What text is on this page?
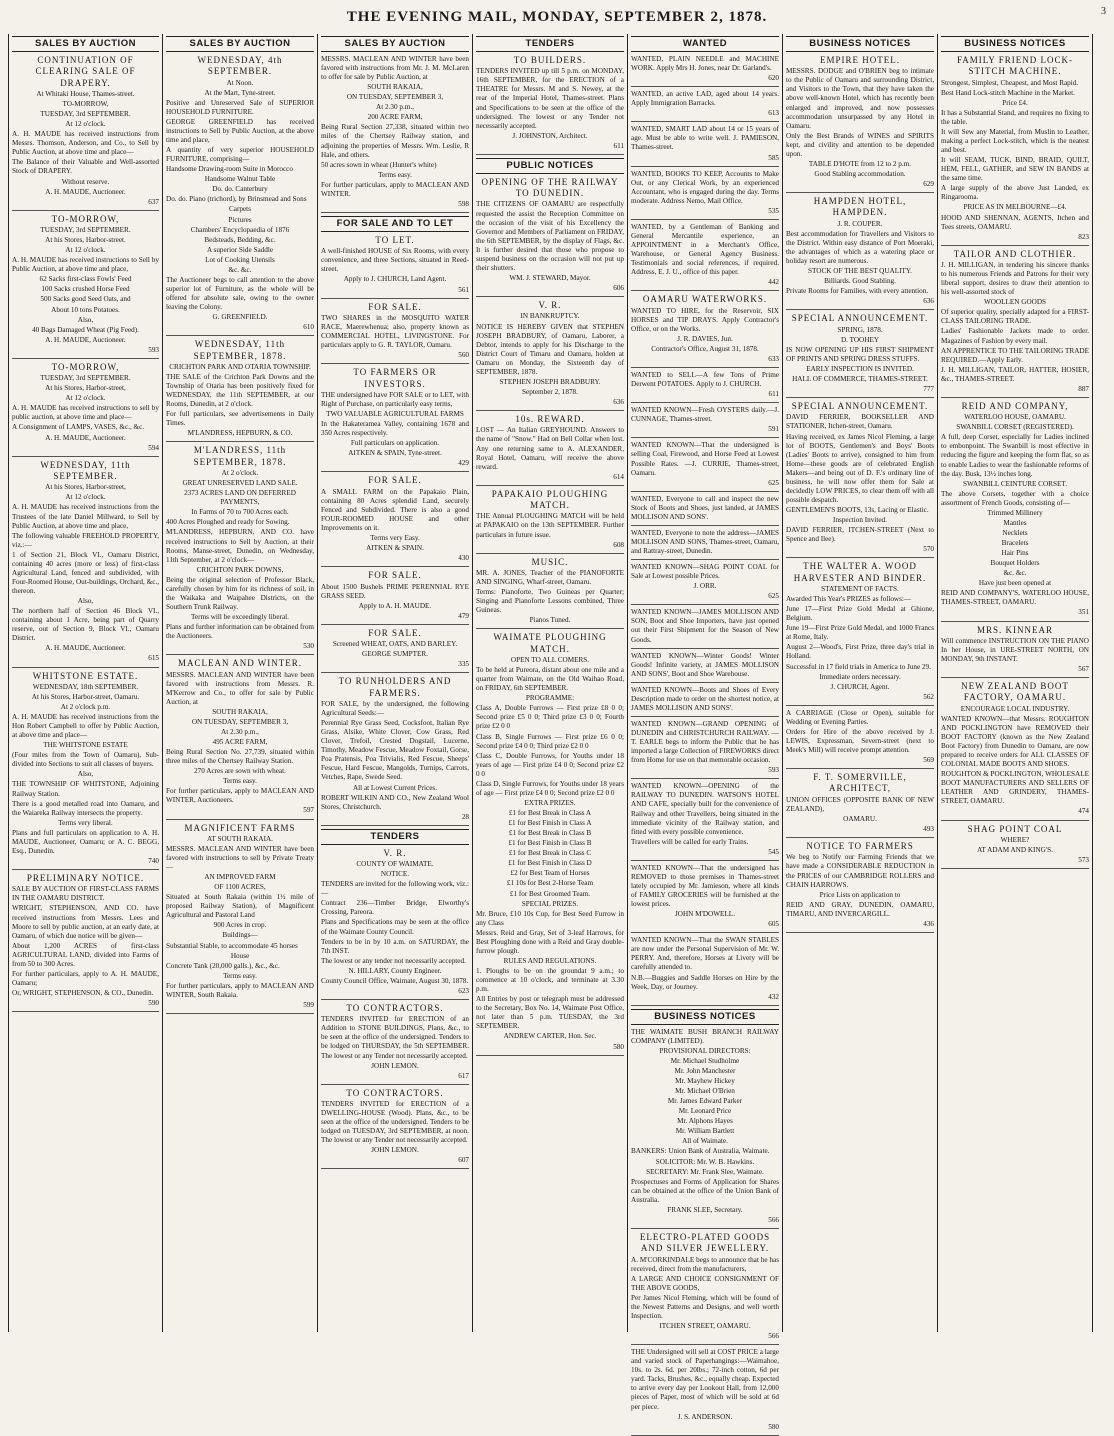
THE EVENING MAIL, MONDAY, SEPTEMBER 2, 1878.	3
SALES BY AUCTION

CONTINUATION OF CLEARING SALE OF DRAPERY.

At Whitaki House, Thames-street.

TO-MORROW,

TUESDAY, 3rd SEPTEMBER.

At 12 o'clock.

A. H. MAUDE has received instructions from Messrs. Thomson, Anderson, and Co., to Sell by Public Auction, at above time and place—

The Balance of their Valuable and Well-assorted Stock of DRAPERY.

Without reserve.

A. H. MAUDE, Auctioneer.

637

TO-MORROW,

TUESDAY, 3rd SEPTEMBER.

At his Stores, Harbor-street.

At 12 o'clock.

A. H. MAUDE has received instructions to Sell by Public Auction, at above time and place,

62 Sacks first-class Fowls' Feed

100 Sacks crushed Horse Feed

500 Sacks good Seed Oats, and

About 10 tons Potatoes.

Also,

40 Bags Damaged Wheat (Pig Feed).

A. H. MAUDE, Auctioneer.

593

TO-MORROW,

TUESDAY, 3rd SEPTEMBER.

At his Stores, Harbor-street,

At 12 o'clock.

A. H. MAUDE has received instructions to sell by public auction, at above time and place—

A Consignment of LAMPS, VASES, &c., &c.

A. H. MAUDE, Auctioneer.

594

WEDNESDAY, 11th SEPTEMBER.

At his Stores, Harbor-street,

At 12 o'clock.

A. H. MAUDE has received instructions from the Trustees of the late Daniel Millward, to Sell by Public Auction, at above time and place,

The following valuable FREEHOLD PROPERTY, viz.:—

1 of Section 21, Block VI., Oamaru District, containing 40 acres (more or less) of first-class Agricultural Land, fenced and subdivided, with Four-Roomed House, Out-buildings, Orchard, &c., thereon.

Also,

The northern half of Section 46 Block VI., containing about 1 Acre, being part of Quarry reserve, out of Section 9, Block VI., Oamaru District.

A. H. MAUDE, Auctioneer.

615

WHITSTONE ESTATE.

WEDNESDAY, 18th SEPTEMBER.

At his Stores, Harbor-street, Oamaru.

At 2 o'clock p.m.

A. H. MAUDE has received instructions from the Hon Robert Campbell to offer by Public Auction, at above time and place—

THE WHITSTONE ESTATE

(Four miles from the Town of Oamaru), Sub-divided into Sections to suit all classes of buyers.

Also,

THE TOWNSHIP OF WHITSTONE, Adjoining Railway Station.

There is a good metalled road into Oamaru, and the Waiareka Railway intersects the property.

Terms very liberal.

Plans and full particulars on application to A. H. MAUDE, Auctioneer, Oamaru; or A. C. BEGG, Esq., Dunedin.

740

PRELIMINARY NOTICE.

SALE BY AUCTION OF FIRST-CLASS FARMS IN THE OAMARU DISTRICT.

WRIGHT, STEPHENSON, AND CO. have received instructions from Messrs. Lees and Moore to sell by public auction, at an early date, at Oamaru, of which due notice will be given—

About 1,200 ACRES of first-class AGRICULTURAL LAND, divided into Farms of from 50 to 300 Acres.

For further particulars, apply to A. H. MAUDE, Oamaru;

Or, WRIGHT, STEPHENSON, & CO., Dunedin.

590

SALES BY AUCTION

WEDNESDAY, 4th SEPTEMBER.

At Noon.

At the Mart, Tyne-street.

Positive and Unreserved Sale of SUPERIOR HOUSEHOLD FURNITURE.

GEORGE GREENFIELD has received instructions to Sell by Public Auction, at the above time and place,

A quantity of very superior HOUSEHOLD FURNITURE, comprising—

Handsome Drawing-room Suite in Morocco

Handsome Walnut Table

Do. do. Canterbury

Do. do. Piano (trichord), by Brinsmead and Sons

Carpets

Pictures

Chambers' Encyclopaedia of 1876

Bedsteads, Bedding, &c.

A superior Side Saddle

Lot of Cooking Utensils

&c. &c.

The Auctioneer begs to call attention to the above superior lot of Furniture, as the whole will be offered for absolute sale, owing to the owner leaving the Colony.

G. GREENFIELD.

610

WEDNESDAY, 11th SEPTEMBER, 1878.

CRICHTON PARK AND OTARIA TOWNSHIP.

THE SALE of the Crichton Park Downs and the Township of Otaria has been positively fixed for WEDNESDAY, the 11th SEPTEMBER, at our Rooms, Dunedin, at 2 o'clock.

For full particulars, see advertisements in Daily Times.

M'LANDRESS, HEPBURN, & CO.

M'LANDRESS, 11th SEPTEMBER, 1878.

At 2 o'clock.

GREAT UNRESERVED LAND SALE.

2373 ACRES LAND ON DEFERRED PAYMENTS,

In Farms of 70 to 700 Acres each.

400 Acres Ploughed and ready for Sowing.

M'LANDRESS, HEPBURN, AND CO. have received instructions to Sell by Auction, at their Rooms, Manse-street, Dunedin, on Wednesday, 11th September, at 2 o'clock—

CRICHTON PARK DOWNS,

Being the original selection of Professor Black, carefully chosen by him for its richness of soil, in the Waikaka and Waipahee Districts, on the Southern Trunk Railway.

Terms will be exceedingly liberal.

Plans and further information can be obtained from the Auctioneers.

530

MACLEAN AND WINTER.

MESSRS. MACLEAN AND WINTER have been favored with instructions from Messrs. R. M'Kerrow and Co., to offer for sale by Public Auction, at

SOUTH RAKAIA,

ON TUESDAY, SEPTEMBER 3,

At 2.30 p.m.,

495 ACRE FARM,

Being Rural Section No. 27,739, situated within three miles of the Chertsey Railway Station.

270 Acres are sown with wheat.

Terms easy.

For further particulars, apply to MACLEAN AND WINTER, Auctioneers.

597

MAGNIFICENT FARMS

AT SOUTH RAKAIA.

MESSRS. MACLEAN AND WINTER have been favored with instructions to sell by Private Treaty—

AN IMPROVED FARM

OF 1100 ACRES,

Situated at South Rakaia (within 1½ mile of proposed Railway Station), of Magnificent Agricultural and Pastoral Land

900 Acres in crop.

Buildings—

Substantial Stable, to accommodate 45 horses

House

Concrete Tank (20,000 galls.), &c., &c.

Terms easy.

For further particulars, apply to MACLEAN AND WINTER, South Rakaia.

599

SALES BY AUCTION

MESSRS. MACLEAN AND WINTER have been favored with instructions from Mr. J. M. McLaren to offer for sale by Public Auction, at

SOUTH RAKAIA,

ON TUESDAY, SEPTEMBER 3,

At 2.30 p.m.,

200 ACRE FARM,

Being Rural Section 27,338, situated within two miles of the Chertsey Railway station, and adjoining the properties of Messrs. Wm. Leslie, R Hale, and others.

50 acres sown in wheat (Hunter's white)

Terms easy.

For further particulars, apply to MACLEAN AND WINTER.

598

FOR SALE AND TO LET

TO LET.

A well-finished HOUSE of Six Rooms, with every convenience, and three Sections, situated in Reed-street.

Apply to J. CHURCH, Land Agent.

561

FOR SALE.

TWO SHARES in the MOSQUITO WATER RACE, Maerewhenua; also, property known as COMMERCIAL HOTEL, LIVINGSTONE. For particulars apply to G. R. TAYLOR, Oamaru.

560

TO FARMERS OR INVESTORS.

THE undersigned have FOR SALE or to LET, with Right of Purchase, on particularly easy terms,

TWO VALUABLE AGRICULTURAL FARMS

In the Hakateramea Valley, containing 1678 and 350 Acres respectively.

Full particulars on application.

AITKEN & SPAIN, Tyne-street.

429

FOR SALE.

A SMALL FARM on the Papakaio Plain, containing 80 Acres splendid Land, securely Fenced and Subdivided. There is also a good FOUR-ROOMED HOUSE and other Improvements on it.

Terms very Easy.

AITKEN & SPAIN.

430

FOR SALE.

About 1500 Bushels PRIME PERENNIAL RYE GRASS SEED.

Apply to A. H. MAUDE.

479

FOR SALE.

Screened WHEAT, OATS, AND BARLEY.

GEORGE SUMPTER.

335

TO RUNHOLDERS AND FARMERS.

FOR SALE, by the undersigned, the following Agricultural Seeds:—

Perennial Rye Grass Seed, Cocksfoot, Italian Rye Grass, Alsike, White Clover, Cow Grass, Red Clover, Trefoil, Crested Dogstail, Lucerne, Timothy, Meadow Fescue, Meadow Foxtail, Gorse, Poa Pratensis, Poa Trivialis, Red Fescue, Sheeps' Fescue, Hard Fescue, Mangolds, Turnips, Carrots, Vetches, Rape, Swede Seed.

All at Lowest Current Prices.

ROBERT WILKIN AND CO., New Zealand Wool Stores, Christchurch.

28

TENDERS

V. R.

COUNTY OF WAIMATE.

NOTICE.

TENDERS are invited for the following work, viz.:—

Contract 236—Timber Bridge, Elworthy's Crossing, Pareora.

Plans and Specifications may be seen at the office of the Waimate County Council.

Tenders to be in by 10 a.m. on SATURDAY, the 7th INST.

The lowest or any tender not necessarily accepted.

N. HILLARY, County Engineer.

County Council Office, Waimate, August 30, 1878.

623

TO CONTRACTORS.

TENDERS INVITED for ERECTION of an Addition to STONE BUILDINGS, Plans, &c., to be seen at the office of the undersigned. Tenders to be lodged on THURSDAY, the 5th SEPTEMBER. The lowest or any Tender not necessarily accepted.

JOHN LEMON.

617

TO CONTRACTORS.

TENDERS INVITED for ERECTION of a DWELLING-HOUSE (Wood). Plans, &c., to be seen at the office of the undersigned. Tenders to be lodged on TUESDAY, 3rd SEPTEMBER, at noon. The lowest or any Tender not necessarily accepted.

JOHN LEMON.

607

TENDERS

TO BUILDERS.

TENDERS INVITED up till 5 p.m. on MONDAY, 16th SEPTEMBER, for the ERECTION of a THEATRE for Messrs. M and S. Newey, at the rear of the Imperial Hotel, Thames-street. Plans and Specifications to be seen at the office of the undersigned. The lowest or any Tender not necessarily accepted.

J. JOHNSTON, Architect.

611

PUBLIC NOTICES

OPENING OF THE RAILWAY TO DUNEDIN.

THE CITIZENS OF OAMARU are respectfully requested the assist the Reception Committee on the occasion of the visit of his Excellency the Governor and Members of Parliament on FRIDAY, the 6th SEPTEMBER, by the display of Flags, &c. It is further desired that those who propose to suspend business on the occasion will not put up their shutters.

WM. J. STEWARD, Mayor.

606

V. R.

IN BANKRUPTCY.

NOTICE IS HEREBY GIVEN that STEPHEN JOSEPH BRADBURY, of Oamaru, Laborer, a Debtor, intends to apply for his Discharge to the District Court of Timaru and Oamaru, holden at Oamaru on Monday, the Sixteenth day of SEPTEMBER, 1878.

STEPHEN JOSEPH BRADBURY.

September 2, 1878.

636

10s. REWARD.

LOST — An Italian GREYHOUND. Answers to the name of "Snow." Had on Bell Collar when lost. Any one returning same to A. ALEXANDER, Royal Hotel, Oamaru, will receive the above reward.

614

PAPAKAIO PLOUGHING MATCH.

THE Annual PLOUGHING MATCH will be held at PAPAKAIO on the 13th SEPTEMBER. Further particulars in future issue.

608

MUSIC.

MR. A. JONES, Teacher of the PIANOFORTE AND SINGING, Wharf-street, Oamaru.

Terms: Pianoforte, Two Guineas per Quarter; Singing and Pianoforte Lessons combined, Three Guineas.

Pianos Tuned.

WAIMATE PLOUGHING MATCH.

OPEN TO ALL COMERS.

To be held at Pureora, distant about one mile and a quarter from Waimate, on the Old Waihao Road, on FRIDAY, 6th SEPTEMBER.

PROGRAMME:

Class A, Double Furrows — First prize £8 0 0; Second prize £5 0 0; Third prize £3 0 0; Fourth prize £2 0 0

Class B, Single Furrows — First prize £6 0 0; Second prize £4 0 0; Third prize £2 0 0

Class C, Double Furrows, for Youths under 18 years of age — First prize £4 0 0; Second prize £2 0 0

Class D, Single Furrows, for Youths under 18 years of age — First prize £4 0 0; Second prize £2 0 0

EXTRA PRIZES.

£1 for Best Break in Class A

£1 for Best Finish in Class A

£1 for Best Break in Class B

£1 for Best Finish in Class B

£1 for Best Break in Class C

£1 for Best Finish in Class D

£2 for Best Team of Horses

£1 10s for Best 2-Horse Team

£1 for Best Groomed Team.

SPECIAL PRIZES.

Mr. Bruce, £10 10s Cup, for Best Seed Furrow in any Class

Messrs. Reid and Gray, Set of 3-leaf Harrows, for Best Ploughing done with a Reid and Gray double-furrow plough.

RULES AND REGULATIONS.

1. Ploughs to be on the groundat 9 a.m.; to commence at 10 o'clock, and terminate at 3.30 p.m.

All Entries by post or telegraph must be addressed to the Secretary, Box No. 14, Waimate Post Office, not later than 5 p.m. TUESDAY, the 3rd SEPTEMBER.

ANDREW CARTER, Hon. Sec.

580

WANTED

WANTED, PLAIN NEEDLE and MACHINE WORK. Apply Mrs H. Jones, near Dr. Garland's.

620

WANTED, an active LAD, aged about 14 years. Apply Immigration Barracks.

613

WANTED, SMART LAD about 14 or 15 years of age. Must be able to write well. J. PAMIESON, Thames-street.

585

WANTED, BOOKS TO KEEP, Accounts to Make Out, or any Clerical Work, by an experienced Accountant, who is engaged during the day. Terms moderate. Address Nemo, Mail Office.

535

WANTED, by a Gentleman of Banking and General Mercantile experience, an APPOINTMENT in a Merchant's Office, Warehouse, or General Agency Business. Testimonials and social references, if required. Address, E. J. U., office of this paper.

442

OAMARU WATERWORKS.

WANTED TO HIRE, for the Reservoir, SIX HORSES and TIP DRAYS. Apply Contractor's Office, or on the Works.

J. R. DAVIES, Jun.

Contractor's Office, August 31, 1878.

633

WANTED to SELL—A few Tons of Prime Derwent POTATOES. Apply to J. CHURCH.

611

WANTED KNOWN—Fresh OYSTERS daily.—J. CUNNAGE, Thames-street.

591

WANTED KNOWN—That the undersigned is selling Coal, Firewood, and Horse Feed at Lowest Possible Rates. —J. CURRIE, Thames-street, Oamaru.

625

WANTED, Everyone to call and inspect the new Stock of Boots and Shoes, just landed, at JAMES MOLLISON AND SONS'.

WANTED, Everyone to note the address—JAMES MOLLISON AND SONS, Thames-street, Oamaru, and Rattray-street, Dunedin.

WANTED KNOWN—SHAG POINT COAL for Sale at Lowest possible Prices.

J. ORR.

625

WANTED KNOWN—JAMES MOLLISON AND SON, Boot and Shoe Importers, have just opened out their First Shipment for the Season of New Goods.

WANTED KNOWN—Winter Goods! Winter Goods! Infinite variety, at JAMES MOLLISON AND SONS', Boot and Shoe Warehouse.

WANTED KNOWN—Boots and Shoes of Every Description made to order on the shortest notice, at JAMES MOLLISON AND SONS'.

WANTED KNOWN—GRAND OPENING of DUNEDIN and CHRISTCHURCH RAILWAY. — T. EARLE begs to inform the Public that he has imported a large Collection of FIREWORKS direct from Home for use on that memorable occasion.

593

WANTED KNOWN—OPENING of the RAILWAY TO DUNEDIN. WATSON'S HOTEL AND CAFE, specially built for the convenience of Railway and other Travellers, being situated in the immediate vicinity of the Railway station, and fitted with every possible convenience.

Travellers will be called for early Trains.

545

WANTED KNOWN—That the undersigned has REMOVED to those premises in Thames-street lately occupied by Mr. Jamieson, where all kinds of FAMILY GROCERIES will be furnished at the lowest prices.

JOHN M'DOWELL.

605

WANTED KNOWN—That the SWAN STABLES are now under the Personal Supervision of Mr. W. PERRY. And, therefore, Horses at Livery will be carefully attended to.

N.B.—Buggies and Saddle Horses on Hire by the Week, Day, or Journey.

432

BUSINESS NOTICES

THE WAIMATE BUSH BRANCH RAILWAY COMPANY (LIMITED).

PROVISIONAL DIRECTORS:

Mr. Michael Studholme

Mr. John Manchester

Mr. Mayhew Hickey

Mr. Michael O'Brien

Mr. James Edward Parker

Mr. Leonard Price

Mr. Alphons Hayes

Mr. William Bartlett

All of Waimate.

BANKERS: Union Bank of Australia, Waimate.

SOLICITOR: Mr. W. B. Hawkins.

SECRETARY: Mr. Frank Slee, Waimate.

Prospectuses and Forms of Application for Shares can be obtained at the office of the Union Bank of Australia.

FRANK SLEE, Secretary.

566

ELECTRO-PLATED GOODS AND SILVER JEWELLERY.

A. M'CORKINDALE begs to announce that he has received, direct from the manufacturers,

A LARGE AND CHOICE CONSIGNMENT OF THE ABOVE GOODS,

Per James Nicol Fleming, which will be found of the Newest Patterns and Designs, and well worth Inspection.

ITCHEN STREET, OAMARU.

566

THE Undersigned will sell at COST PRICE a large and varied stock of Paperhangings:—Waimahoe, 10s. to 2s. 6d. per 20lbs.; 72-inch cotton, 6d per yard. Tacks, Brushes, &c., equally cheap. Expected to arrive every day per Lookout Hall, from 12,000 pieces of Paper, most of which will be sold at 6d per piece.

J. S. ANDERSON.

580

BUSINESS NOTICES

EMPIRE HOTEL.

MESSRS. DODGE and O'BRIEN beg to intimate to the Public of Oamaru and surrounding District, and Visitors to the Town, that they have taken the above well-known Hotel, which has recently been enlarged and improved, and now possesses accommodation unsurpassed by any Hotel in Oamaru.

Only the Best Brands of WINES and SPIRITS kept, and civility and attention to be depended upon.

TABLE D'HOTE from 12 to 2 p.m.

Good Stabling accommodation.

629

HAMPDEN HOTEL, HAMPDEN.

J. R. COUPER.

Best accommodation for Travellers and Visitors to the District. Within easy distance of Port Moeraki, the advantages of which as a watering place or holiday resort are numerous.

STOCK OF THE BEST QUALITY.

Billiards. Good Stabling.

Private Rooms for Families, with every attention.

636

SPECIAL ANNOUNCEMENT.

SPRING, 1878.

D. TOOHEY

IS NOW OPENING UP HIS FIRST SHIPMENT OF PRINTS AND SPRING DRESS STUFFS.

EARLY INSPECTION IS INVITED.

HALL OF COMMERCE, THAMES-STREET.

777

SPECIAL ANNOUNCEMENT.

DAVID FERRIER, BOOKSELLER AND STATIONER, Itchen-street, Oamaru.

Having received, ex James Nicol Fleming, a large lot of BOOTS, Gentlemen's and Boys' Boots (Ladies' Boots to arrive), consigned to him from Home—these goods are of celebrated English Makers—and being out of D. F.'s ordinary line of business, he will now offer them for Sale at decidedly LOW PRICES, to clear them off with all possible despatch.

GENTLEMEN'S BOOTS, 13s, Lacing or Elastic.

Inspection Invited.

DAVID FERRIER, ITCHEN-STREET (Next to Spence and Ilee).

570

THE WALTER A. WOOD HARVESTER AND BINDER.

STATEMENT OF FACTS.

Awarded This Year's PRIZES as follows:—

June 17—First Prize Gold Medal at Ghione, Belgium.

June 19—First Prize Gold Medal, and 1000 Francs at Rome, Italy.

August 2—Wood's, First Prize, three day's trial in Holland.

Successful in 17 field trials in America to June 29.

Immediate orders necessary.

J. CHURCH, Agent.

562

A CARRIAGE (Close or Open), suitable for Wedding or Evening Parties.

Orders for Hire of the above received by J. LEWIS, Expressman, Severn-street (next to Meek's Mill) will receive prompt attention.

569

F. T. SOMERVILLE, ARCHITECT,

UNION OFFICES (OPPOSITE BANK OF NEW ZEALAND),

OAMARU.

493

NOTICE TO FARMERS

We beg to Notify our Farming Friends that we have made a CONSIDERABLE REDUCTION in the PRICES of our CAMBRIDGE ROLLERS and CHAIN HARROWS.

Price Lists on application to

REID AND GRAY, DUNEDIN, OAMARU, TIMARU, AND INVERCARGILL.

436

BUSINESS NOTICES

FAMILY FRIEND LOCK-STITCH MACHINE.

Strongest, Simplest, Cheapest, and Most Rapid.

Best Hand Lock-stitch Machine in the Market.

Price £4.

It has a Substantial Stand, and requires no fixing to the table.

It will Sew any Material, from Muslin to Leather, making a perfect Lock-stitch, which is the neatest and best.

It will SEAM, TUCK, BIND, BRAID, QUILT, HEM, FELL, GATHER, and SEW IN BANDS at the same time.

A large supply of the above Just Landed, ex Ringarooma.

PRICE AS IN MELBOURNE—£4.

HOOD AND SHENNAN, AGENTS, Itchen and Tees streets, OAMARU.

823

TAILOR AND CLOTHIER.

J. H. MILLIGAN, in tendering his sincere thanks to his numerous Friends and Patrons for their very liberal support, desires to draw their attention to his well-assorted stock of

WOOLLEN GOODS

Of superior quality, specially adapted for a FIRST-CLASS TAILORING TRADE.

Ladies' Fashionable Jackets made to order. Magazines of Fashion by every mail.

AN APPRENTICE TO THE TAILORING TRADE REQUIRED.—Apply Early.

J. H. MILLIGAN, TAILOR, HATTER, HOSIER, &c., THAMES-STREET.

887

REID AND COMPANY,

WATERLOO HOUSE, OAMARU.

SWANBILL CORSET (REGISTERED).

A full, deep Corset, especially for Ladies inclined to embonpoint. The Swanbill is most effective in reducing the figure and keeping the form flat, so as to enable Ladies to wear the fashionable reforms of the day. Busk, 13½ inches long.

SWANBILL CEINTURE CORSET.

The above Corsets, together with a choice assortment of French Goods, consisting of—

Trimmed Millinery

Mantles

Necklets

Bracelets

Hair Pins

Bouquet Holders

&c. &c.

Have just been opened at

REID AND COMPANY'S, WATERLOO HOUSE, THAMES-STREET, OAMARU.

351

MRS. KINNEAR

Will commence INSTRUCTION ON THE PIANO In her House, in URE-STREET NORTH, ON MONDAY, 9th INSTANT.

567

NEW ZEALAND BOOT FACTORY, OAMARU.

ENCOURAGE LOCAL INDUSTRY.

WANTED KNOWN—that Messrs. ROUGHTON AND POCKLINGTON have REMOVED their BOOT FACTORY (known as the New Zealand Boot Factory) from Dunedin to Oamaru, are now prepared to receive orders for ALL CLASSES OF COLONIAL MADE BOOTS AND SHOES.

ROUGHTON & POCKLINGTON, WHOLESALE BOOT MANUFACTURERS AND SELLERS OF LEATHER AND GRINDERY, THAMES-STREET, OAMARU.

474

SHAG POINT COAL

WHERE?

AT ADAM AND KING'S.

573
